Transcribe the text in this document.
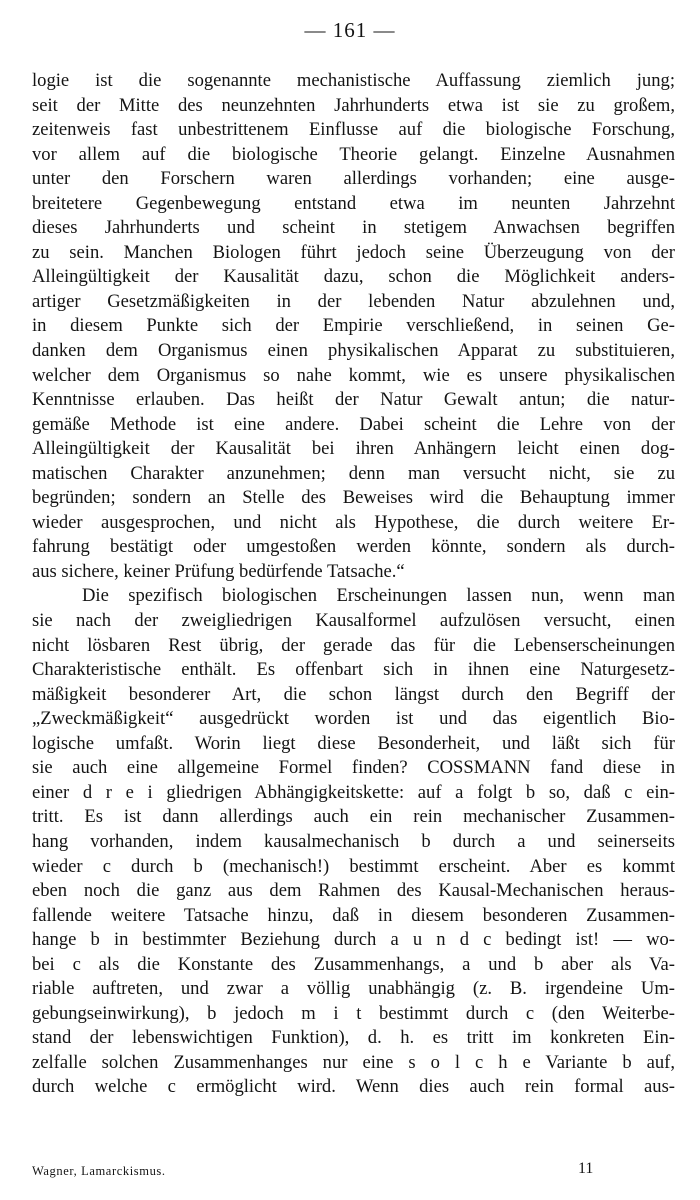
— 161 —
logie ist die sogenannte mechanistische Auffassung ziemlich jung;
seit der Mitte des neunzehnten Jahrhunderts etwa ist sie zu großem,
zeitenweis fast unbestrittenem Einflusse auf die biologische Forschung,
vor allem auf die biologische Theorie gelangt. Einzelne Ausnahmen
unter den Forschern waren allerdings vorhanden; eine ausge-
breitetere Gegenbewegung entstand etwa im neunten Jahrzehnt
dieses Jahrhunderts und scheint in stetigem Anwachsen begriffen
zu sein. Manchen Biologen führt jedoch seine Überzeugung von der
Alleingültigkeit der Kausalität dazu, schon die Möglichkeit anders-
artiger Gesetzmäßigkeiten in der lebenden Natur abzulehnen und,
in diesem Punkte sich der Empirie verschließend, in seinen Ge-
danken dem Organismus einen physikalischen Apparat zu substituieren,
welcher dem Organismus so nahe kommt, wie es unsere physikalischen
Kenntnisse erlauben. Das heißt der Natur Gewalt antun; die natur-
gemäße Methode ist eine andere. Dabei scheint die Lehre von der
Alleingültigkeit der Kausalität bei ihren Anhängern leicht einen dog-
matischen Charakter anzunehmen; denn man versucht nicht, sie zu
begründen; sondern an Stelle des Beweises wird die Behauptung immer
wieder ausgesprochen, und nicht als Hypothese, die durch weitere Er-
fahrung bestätigt oder umgestoßen werden könnte, sondern als durch-
aus sichere, keiner Prüfung bedürfende Tatsache.“
Die spezifisch biologischen Erscheinungen lassen nun, wenn man
sie nach der zweigliedrigen Kausalformel aufzulösen versucht, einen
nicht lösbaren Rest übrig, der gerade das für die Lebenserscheinungen
Charakteristische enthält. Es offenbart sich in ihnen eine Naturgesetz-
mäßigkeit besonderer Art, die schon längst durch den Begriff der
„Zweckmäßigkeit“ ausgedrückt worden ist und das eigentlich Bio-
logische umfaßt. Worin liegt diese Besonderheit, und läßt sich für
sie auch eine allgemeine Formel finden? COSSMANN fand diese in
einer d r e i gliedrigen Abhängigkeitskette: auf a folgt b so, daß c ein-
tritt. Es ist dann allerdings auch ein rein mechanischer Zusammen-
hang vorhanden, indem kausalmechanisch b durch a und seinerseits
wieder c durch b (mechanisch!) bestimmt erscheint. Aber es kommt
eben noch die ganz aus dem Rahmen des Kausal-Mechanischen heraus-
fallende weitere Tatsache hinzu, daß in diesem besonderen Zusammen-
hange b in bestimmter Beziehung durch a u n d c bedingt ist! — wo-
bei c als die Konstante des Zusammenhangs, a und b aber als Va-
riable auftreten, und zwar a völlig unabhängig (z. B. irgendeine Um-
gebungseinwirkung), b jedoch m i t bestimmt durch c (den Weiterbe-
stand der lebenswichtigen Funktion), d. h. es tritt im konkreten Ein-
zelfalle solchen Zusammenhanges nur eine s o l c h e Variante b auf,
durch welche c ermöglicht wird. Wenn dies auch rein formal aus-
Wagner, Lamarckismus.	11
